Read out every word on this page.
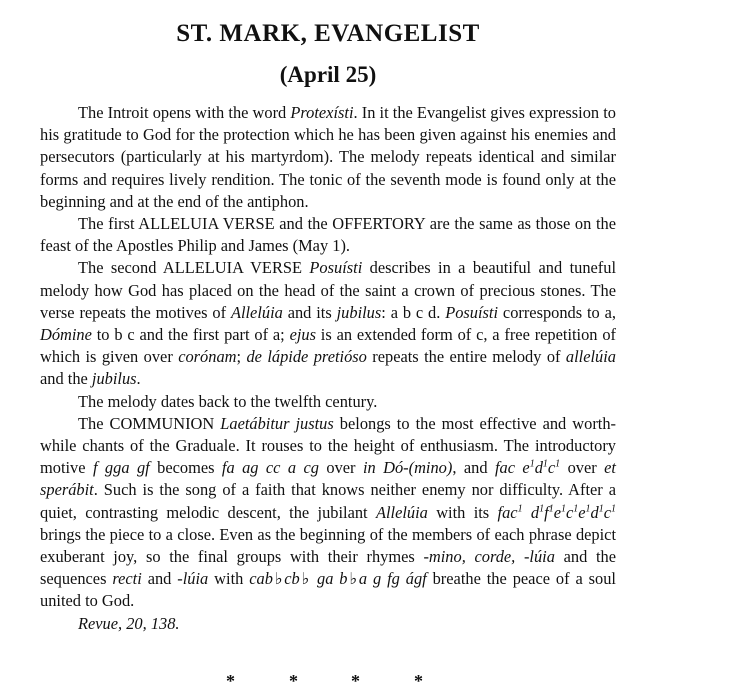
ST. MARK, EVANGELIST
(April 25)

The Introit opens with the word Protexísti. In it the Evangelist gives expression to his gratitude to God for the protection which he has been given against his enemies and persecutors (particularly at his martyrdom). The melody repeats identical and similar forms and requires lively rendition. The tonic of the seventh mode is found only at the beginning and at the end of the antiphon.

The first ALLELUIA VERSE and the OFFERTORY are the same as those on the feast of the Apostles Philip and James (May 1).

The second ALLELUIA VERSE Posuísti describes in a beautiful and tuneful melody how God has placed on the head of the saint a crown of precious stones. The verse repeats the motives of Allelúia and its jubilus: a b c d. Posuísti corresponds to a, Dómine to b c and the first part of a; ejus is an extended form of c, a free repetition of which is given over corónam; de lápide pretióso repeats the entire melody of allelúia and the jubilus.

The melody dates back to the twelfth century.

The COMMUNION Laetábitur justus belongs to the most effective and worth-while chants of the Graduale. It rouses to the height of enthusiasm. The introductory motive f gga gf becomes fa ag cc a cg over in Dó-(mino), and fac $e^1d^1c^1$ over et sperábit. Such is the song of a faith that knows neither enemy nor difficulty. After a quiet, contrasting melodic descent, the jubilant Allelúia with its fac$^1$ $d^1f^1e^1c^1e^1d^1c^1$ brings the piece to a close. Even as the beginning of the members of each phrase depict exuberant joy, so the final groups with their rhymes -mino, corde, -lúia and the sequences recti and -lúia with cab♭cb♭ ga b♭a g fg ágf breathe the peace of a soul united to God.

Revue, 20, 138.

*	*	*	*
